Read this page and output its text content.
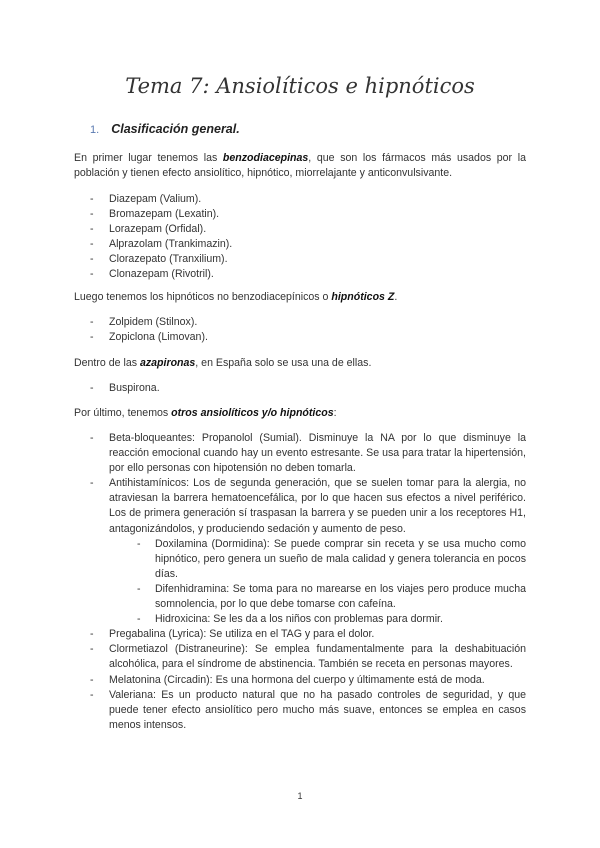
Tema 7: Ansiolíticos e hipnóticos
1. Clasificación general.
En primer lugar tenemos las benzodiacepinas, que son los fármacos más usados por la población y tienen efecto ansiolítico, hipnótico, miorrelajante y anticonvulsivante.
- Diazepam (Valium).
- Bromazepam (Lexatin).
- Lorazepam (Orfidal).
- Alprazolam (Trankimazin).
- Clorazepato (Tranxilium).
- Clonazepam (Rivotril).
Luego tenemos los hipnóticos no benzodiacepínicos o hipnóticos Z.
- Zolpidem (Stilnox).
- Zopiclona (Limovan).
Dentro de las azapironas, en España solo se usa una de ellas.
- Buspirona.
Por último, tenemos otros ansiolíticos y/o hipnóticos:
- Beta-bloqueantes: Propanolol (Sumial). Disminuye la NA por lo que disminuye la reacción emocional cuando hay un evento estresante. Se usa para tratar la hipertensión, por ello personas con hipotensión no deben tomarla.
- Antihistamínicos: Los de segunda generación, que se suelen tomar para la alergia, no atraviesan la barrera hematoencefálica, por lo que hacen sus efectos a nivel periférico. Los de primera generación sí traspasan la barrera y se pueden unir a los receptores H1, antagonizándolos, y produciendo sedación y aumento de peso.
- Doxilamina (Dormidina): Se puede comprar sin receta y se usa mucho como hipnótico, pero genera un sueño de mala calidad y genera tolerancia en pocos días.
- Difenhidramina: Se toma para no marearse en los viajes pero produce mucha somnolencia, por lo que debe tomarse con cafeína.
- Hidroxicina: Se les da a los niños con problemas para dormir.
- Pregabalina (Lyrica): Se utiliza en el TAG y para el dolor.
- Clormetiazol (Distraneurine): Se emplea fundamentalmente para la deshabituación alcohólica, para el síndrome de abstinencia. También se receta en personas mayores.
- Melatonina (Circadin): Es una hormona del cuerpo y últimamente está de moda.
- Valeriana: Es un producto natural que no ha pasado controles de seguridad, y que puede tener efecto ansiolítico pero mucho más suave, entonces se emplea en casos menos intensos.
1
